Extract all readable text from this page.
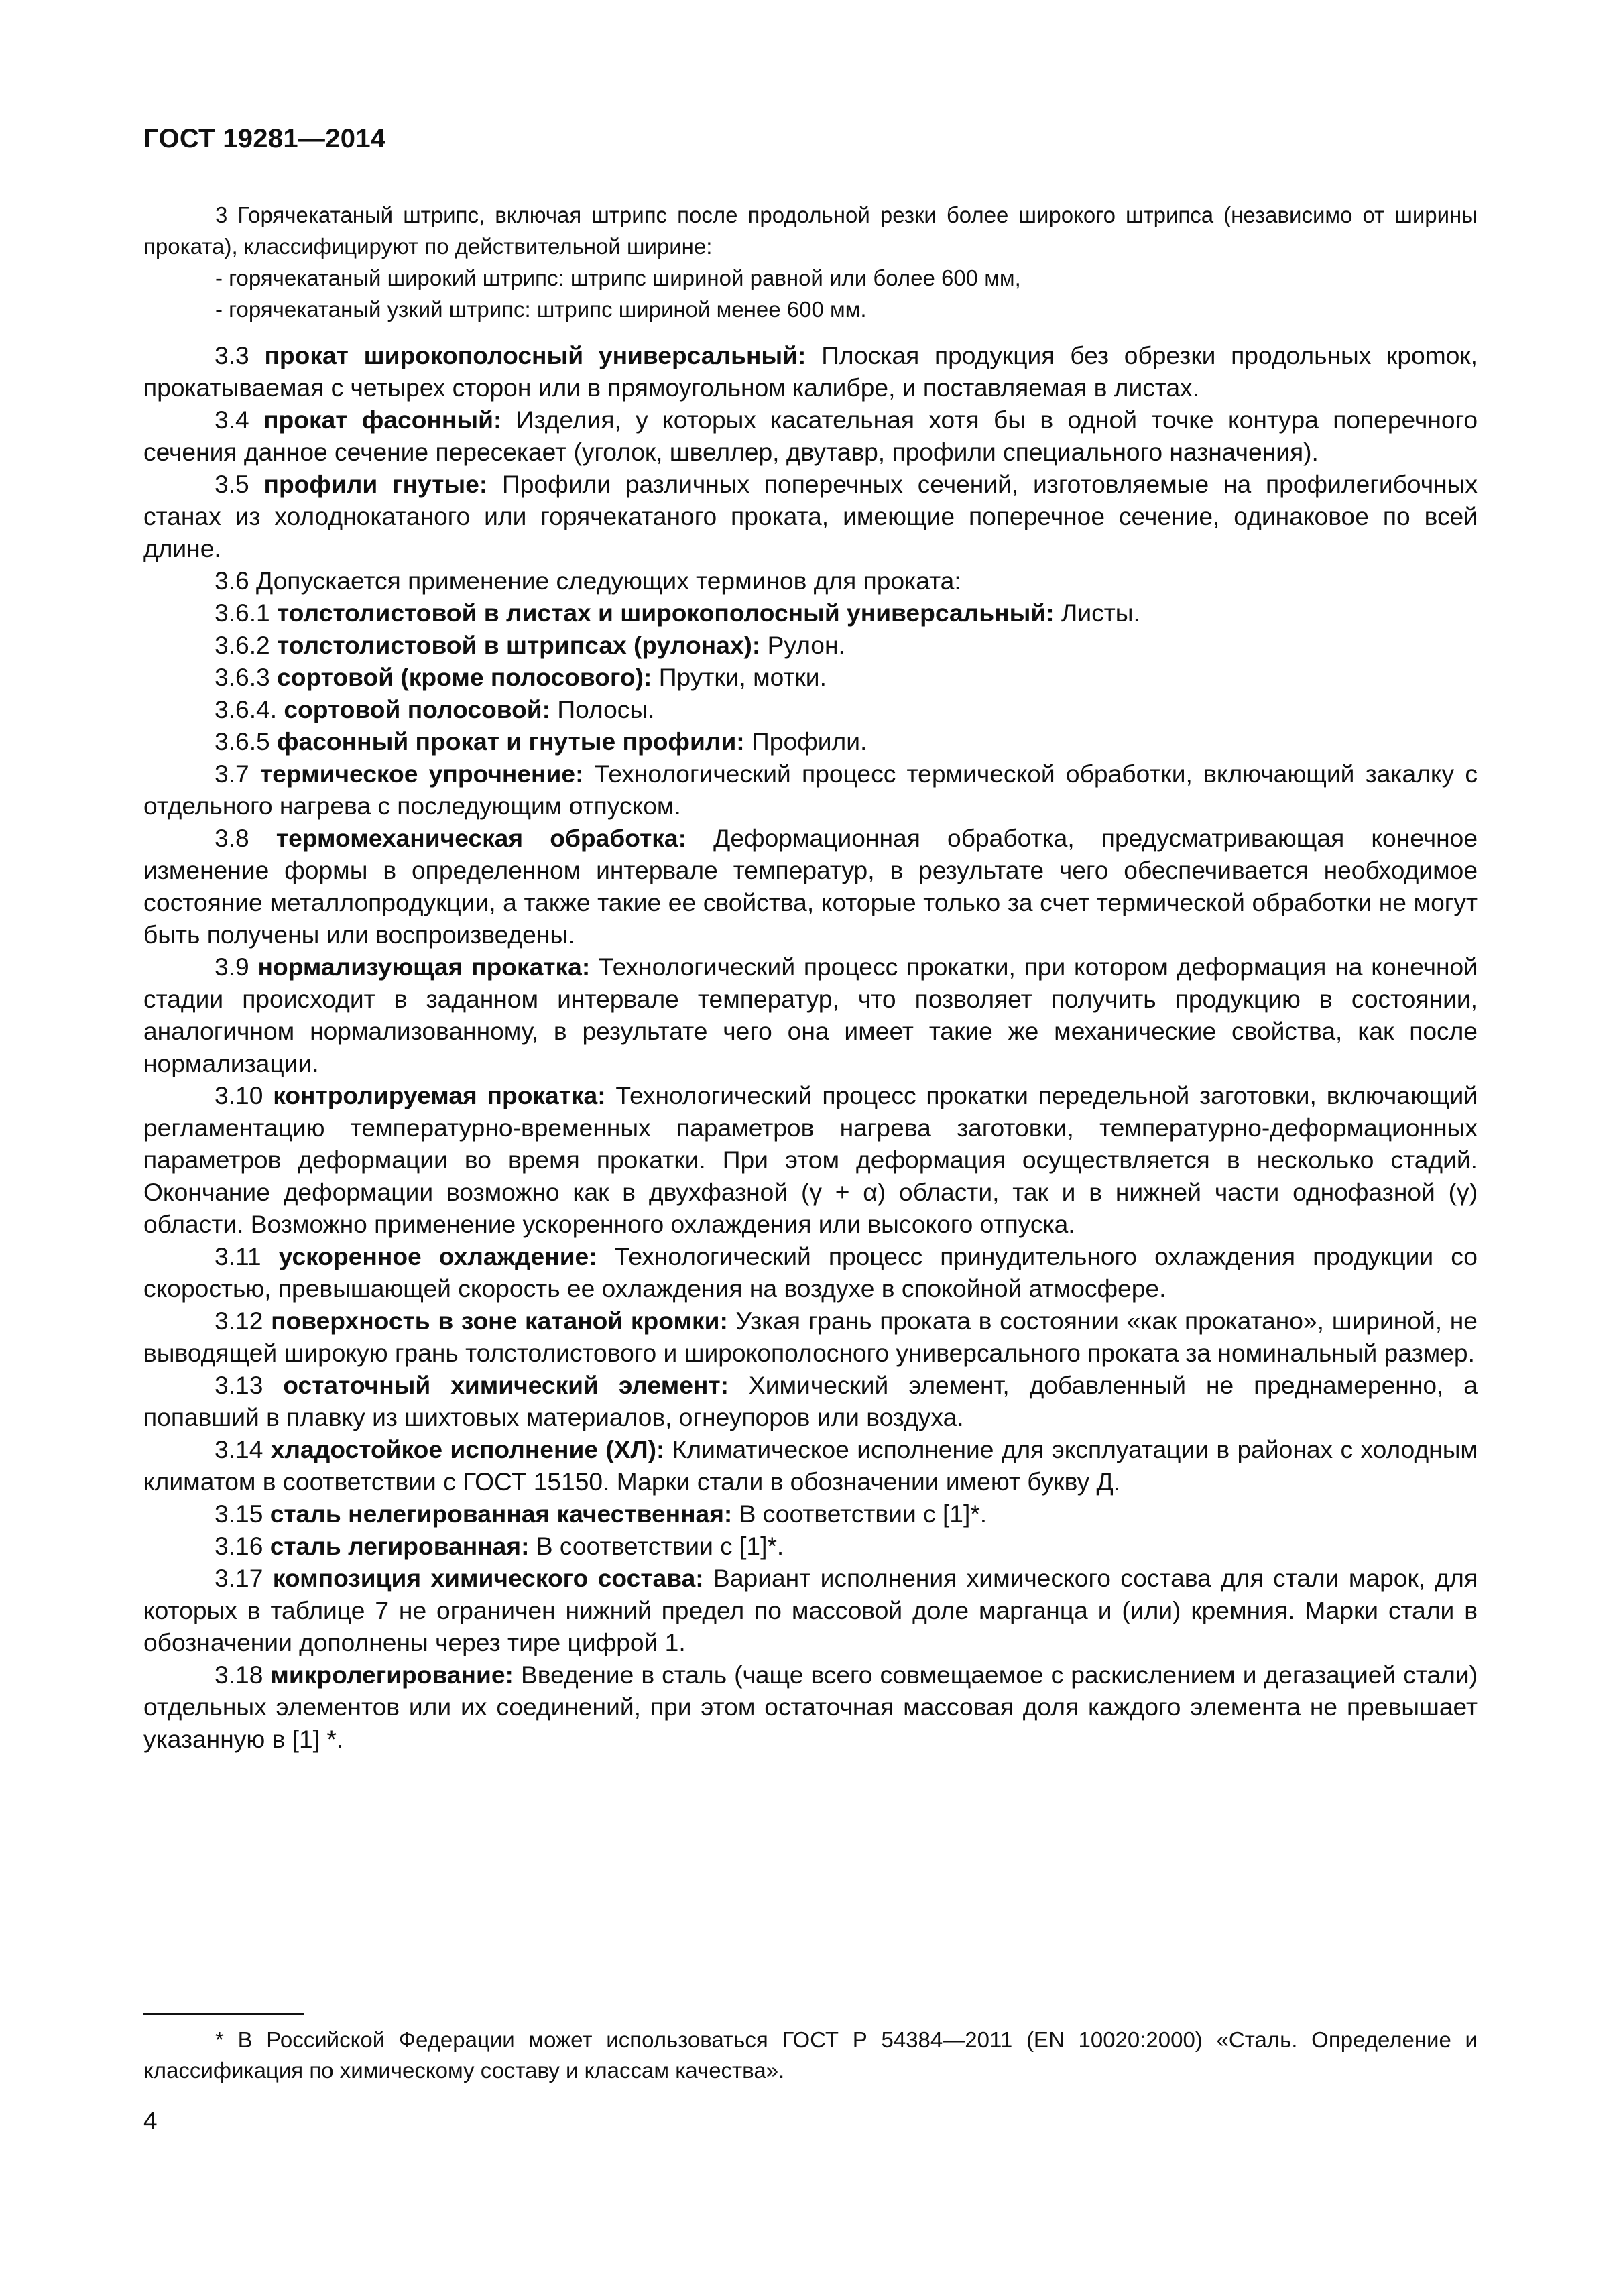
ГОСТ 19281—2014

3 Горячекатаный штрипс, включая штрипс после продольной резки более широкого штрипса (независимо от ширины проката), классифицируют по действительной ширине:

- горячекатаный широкий штрипс: штрипс шириной равной или более 600 мм,

- горячекатаный узкий штрипс: штрипс шириной менее 600 мм.

3.3 прокат широкополосный универсальный: Плоская продукция без обрезки продольных кроmок, прокатываемая с четырех сторон или в прямоугольном калибре, и поставляемая в листах.

3.4 прокат фасонный: Изделия, у которых касательная хотя бы в одной точке контура поперечного сечения данное сечение пересекает (уголок, швеллер, двутавр, профили специального назначения).

3.5 профили гнутые: Профили различных поперечных сечений, изготовляемые на профилегибочных станах из холоднокатаного или горячекатаного проката, имеющие поперечное сечение, одинаковое по всей длине.

3.6 Допускается применение следующих терминов для проката:

3.6.1 толстолистовой в листах и широкополосный универсальный: Листы.

3.6.2 толстолистовой в штрипсах (рулонах): Рулон.

3.6.3 сортовой (кроме полосового): Прутки, мотки.

3.6.4. сортовой полосовой: Полосы.

3.6.5 фасонный прокат и гнутые профили: Профили.

3.7 термическое упрочнение: Технологический процесс термической обработки, включающий закалку с отдельного нагрева с последующим отпуском.

3.8 термомеханическая обработка: Деформационная обработка, предусматривающая конечное изменение формы в определенном интервале температур, в результате чего обеспечивается необходимое состояние металлопродукции, а также такие ее свойства, которые только за счет термической обработки не могут быть получены или воспроизведены.

3.9 нормализующая прокатка: Технологический процесс прокатки, при котором деформация на конечной стадии происходит в заданном интервале температур, что позволяет получить продукцию в состоянии, аналогичном нормализованному, в результате чего она имеет такие же механические свойства, как после нормализации.

3.10 контролируемая прокатка: Технологический процесс прокатки передельной заготовки, включающий регламентацию температурно-временных параметров нагрева заготовки, температурно-деформационных параметров деформации во время прокатки. При этом деформация осуществляется в несколько стадий. Окончание деформации возможно как в двухфазной (γ + α) области, так и в нижней части однофазной (γ) области. Возможно применение ускоренного охлаждения или высокого отпуска.

3.11 ускоренное охлаждение: Технологический процесс принудительного охлаждения продукции со скоростью, превышающей скорость ее охлаждения на воздухе в спокойной атмосфере.

3.12 поверхность в зоне катаной кромки: Узкая грань проката в состоянии «как прокатано», шириной, не выводящей широкую грань толстолистового и широкополосного универсального проката за номинальный размер.

3.13 остаточный химический элемент: Химический элемент, добавленный не преднамеренно, а попавший в плавку из шихтовых материалов, огнеупоров или воздуха.

3.14 хладостойкое исполнение (ХЛ): Климатическое исполнение для эксплуатации в районах с холодным климатом в соответствии с ГОСТ 15150. Марки стали в обозначении имеют букву Д.

3.15 сталь нелегированная качественная: В соответствии с [1]*.

3.16 сталь легированная: В соответствии с [1]*.

3.17 композиция химического состава: Вариант исполнения химического состава для стали марок, для которых в таблице 7 не ограничен нижний предел по массовой доле марганца и (или) кремния. Марки стали в обозначении дополнены через тире цифрой 1.

3.18 микролегирование: Введение в сталь (чаще всего совмещаемое с раскислением и дегазацией стали) отдельных элементов или их соединений, при этом остаточная массовая доля каждого элемента не превышает указанную в [1] *.

* В Российской Федерации может использоваться ГОСТ Р 54384—2011 (EN 10020:2000) «Сталь. Определение и классификация по химическому составу и классам качества».
4
